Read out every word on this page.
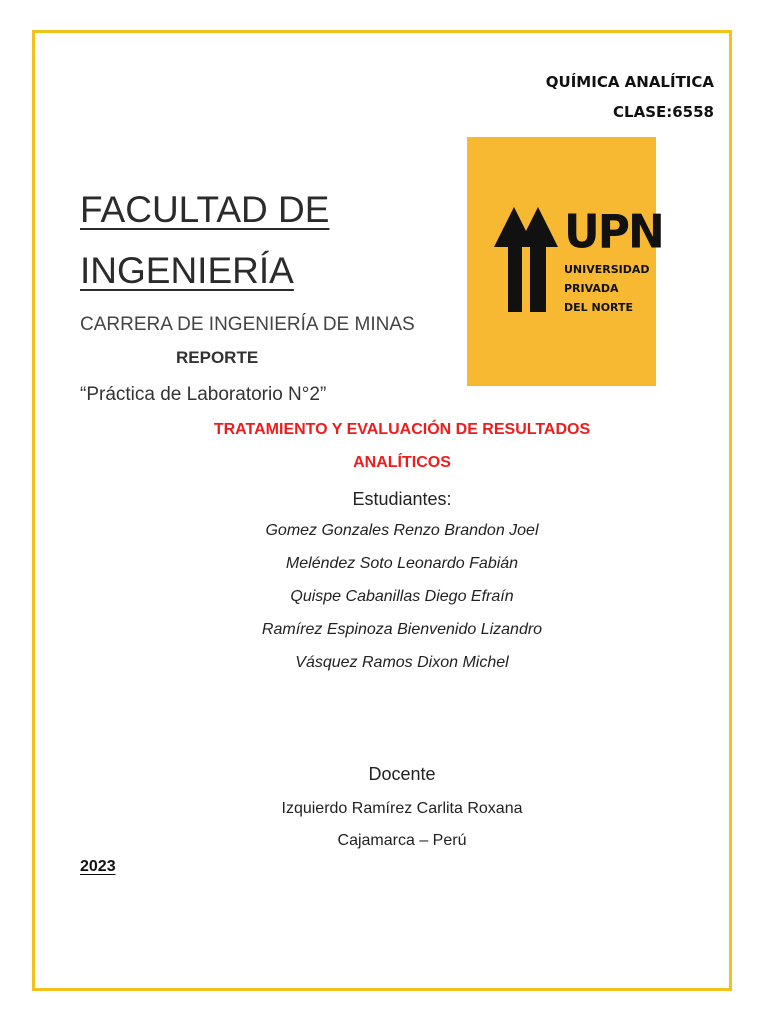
QUÍMICA ANALÍTICA
CLASE:6558
FACULTAD DE
INGENIERÍA
UPN
UNIVERSIDAD
PRIVADA
DEL NORTE
CARRERA DE INGENIERÍA DE MINAS
REPORTE
“Práctica de Laboratorio N°2”
TRATAMIENTO Y EVALUACIÓN DE RESULTADOS
ANALÍTICOS
Estudiantes:
Gomez Gonzales Renzo Brandon Joel
Meléndez Soto Leonardo Fabián
Quispe Cabanillas Diego Efraín
Ramírez Espinoza Bienvenido Lizandro
Vásquez Ramos Dixon Michel
Docente
Izquierdo Ramírez Carlita Roxana
Cajamarca – Perú
2023
